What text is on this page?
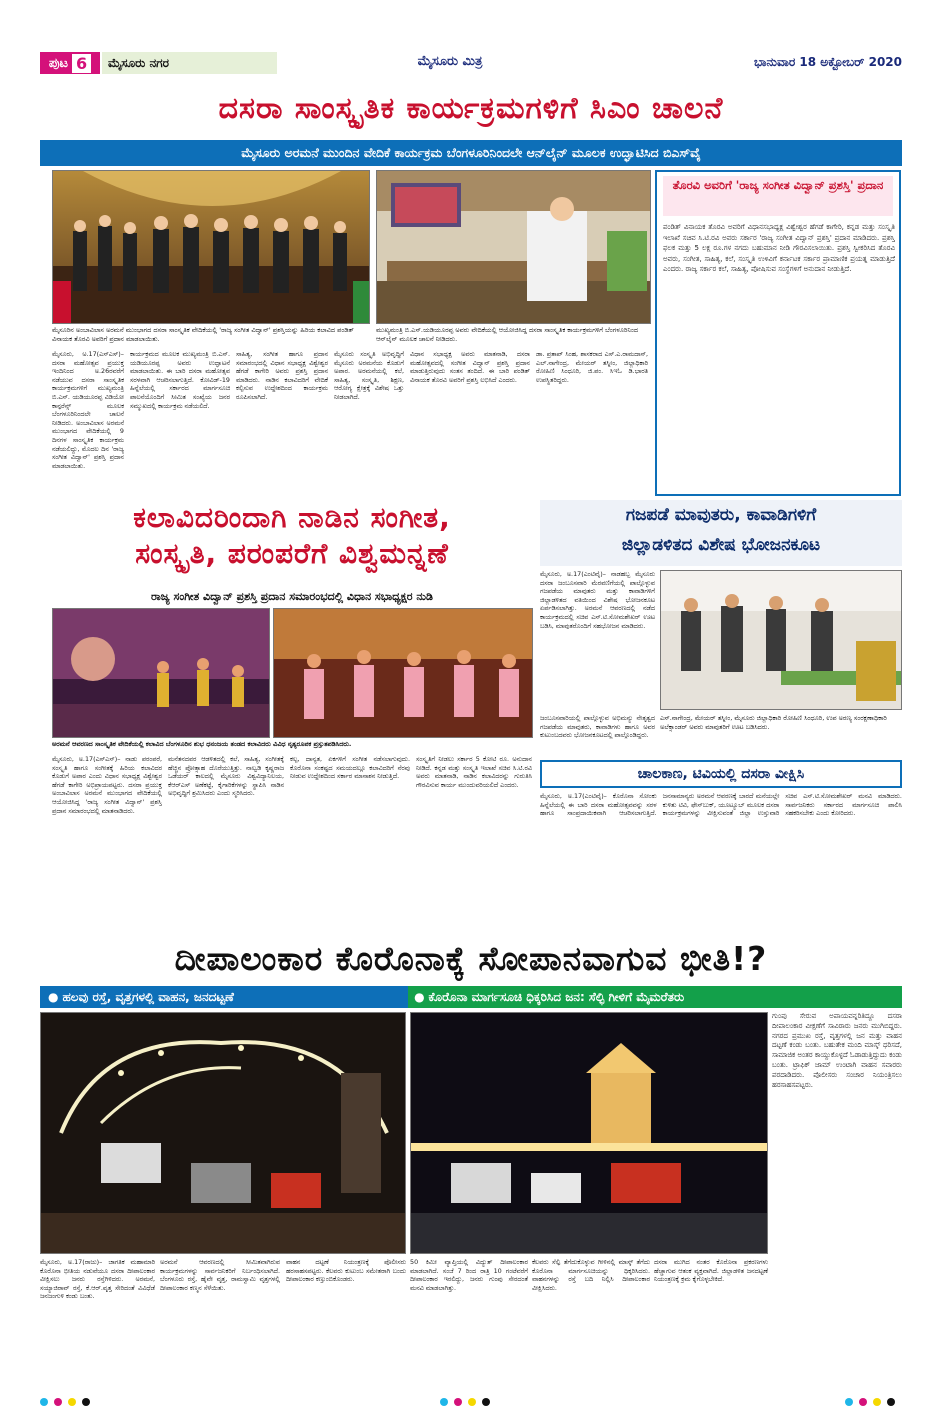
ಪುಟ 6	ಮೈಸೂರು ನಗರ	ಮೈಸೂರು ಮಿತ್ರ	ಭಾನುವಾರ 18 ಅಕ್ಟೋಬರ್ 2020
ದಸರಾ ಸಾಂಸ್ಕೃತಿಕ ಕಾರ್ಯಕ್ರಮಗಳಿಗೆ ಸಿಎಂ ಚಾಲನೆ
ಮೈಸೂರು ಅರಮನೆ ಮುಂದಿನ ವೇದಿಕೆ ಕಾರ್ಯಕ್ರಮ ಬೆಂಗಳೂರಿನಿಂದಲೇ ಆನ್‌ಲೈನ್ ಮೂಲಕ ಉದ್ಘಾಟಿಸಿದ ಬಿಎಸ್‌ವೈ
ಮೈಸೂರಿನ ಅಂಬಾವಿಲಾಸ ಅರಮನೆ ಮುಂಭಾಗದ ದಸರಾ ಸಾಂಸ್ಕೃತಿಕ ವೇದಿಕೆಯಲ್ಲಿ 'ರಾಜ್ಯ ಸಂಗೀತ ವಿದ್ವಾನ್' ಪ್ರಶಸ್ತಿಯನ್ನು ಹಿರಿಯ ಕಲಾವಿದ ಪಂಡಿತ್ ವಿನಾಯಕ ತೊರವಿ ಅವರಿಗೆ ಪ್ರದಾನ ಮಾಡಲಾಯಿತು.
ಮುಖ್ಯಮಂತ್ರಿ ಬಿ.ಎಸ್.ಯಡಿಯೂರಪ್ಪ ಅವರು ವೇದಿಕೆಯಲ್ಲಿ ಆಯೋಜಿಸಿದ್ದ ದಸರಾ ಸಾಂಸ್ಕೃತಿಕ ಕಾರ್ಯಕ್ರಮಗಳಿಗೆ ಬೆಂಗಳೂರಿನಿಂದ ಆನ್‌ಲೈನ್ ಮೂಲಕ ಚಾಲನೆ ನೀಡಿದರು.
ತೊರವಿ ಅವರಿಗೆ 'ರಾಜ್ಯ ಸಂಗೀತ ವಿದ್ವಾನ್ ಪ್ರಶಸ್ತಿ' ಪ್ರದಾನ
ಪಂಡಿತ್ ವಿನಾಯಕ ತೊರವಿ ಅವರಿಗೆ ವಿಧಾನಸಭಾಧ್ಯಕ್ಷ ವಿಶ್ವೇಶ್ವರ ಹೆಗಡೆ ಕಾಗೇರಿ, ಕನ್ನಡ ಮತ್ತು ಸಂಸ್ಕೃತಿ ಇಲಾಖೆ ಸಚಿವ ಸಿ.ಟಿ.ರವಿ ಅವರು ಸರ್ಕಾರ 'ರಾಜ್ಯ ಸಂಗೀತ ವಿದ್ವಾನ್ ಪ್ರಶಸ್ತಿ' ಪ್ರದಾನ ಮಾಡಿದರು. ಪ್ರಶಸ್ತಿ ಫಲಕ ಮತ್ತು 5 ಲಕ್ಷ ರೂ.ಗಳ ನಗದು ಬಹುಮಾನ ನೀಡಿ ಗೌರವಿಸಲಾಯಿತು. ಪ್ರಶಸ್ತಿ ಸ್ವೀಕರಿಸಿದ ತೊರವಿ ಅವರು, ಸಂಗೀತ, ಸಾಹಿತ್ಯ, ಕಲೆ, ಸಂಸ್ಕೃತಿ ಉಳಿವಿಗೆ ಕರ್ನಾಟಕ ಸರ್ಕಾರ ಪ್ರಾಮಾಣಿಕ ಪ್ರಯತ್ನ ಮಾಡುತ್ತಿದೆ ಎಂದರು. ರಾಜ್ಯ ಸರ್ಕಾರ ಕಲೆ, ಸಾಹಿತ್ಯ, ಪೋಷಿಸುವ ಸಂಸ್ಥೆಗಳಿಗೆ ಅನುದಾನ ನೀಡುತ್ತಿದೆ.
ಮೈಸೂರು, ಅ.17(ಎಸ್‌ಎಸ್)– ದಸರಾ ಮಹೋತ್ಸವ ಪ್ರಯುಕ್ತ ಇಂದಿನಿಂದ ಅ.26ರವರೆಗೆ ನಡೆಯುವ ದಸರಾ ಸಾಂಸ್ಕೃತಿಕ ಕಾರ್ಯಕ್ರಮಗಳಿಗೆ ಮುಖ್ಯಮಂತ್ರಿ ಬಿ.ಎಸ್. ಯಡಿಯೂರಪ್ಪ ವಿಡಿಯೋ ಕಾನ್ಫರೆನ್ಸ್ ಮೂಲಕ ಬೆಂಗಳೂರಿನಿಂದಲೇ ಚಾಲನೆ ನೀಡಿದರು. ಅಂಬಾವಿಲಾಸ ಅರಮನೆ ಮುಂಭಾಗದ ವೇದಿಕೆಯಲ್ಲಿ 9 ದಿನಗಳ ಸಾಂಸ್ಕೃತಿಕ ಕಾರ್ಯಕ್ರಮ ನಡೆಯಲಿದ್ದು, ಮೊದಲ ದಿನ 'ರಾಜ್ಯ ಸಂಗೀತ ವಿದ್ವಾನ್' ಪ್ರಶಸ್ತಿ ಪ್ರದಾನ ಮಾಡಲಾಯಿತು.
ಕಾರ್ಯಕ್ರಮದ ಮೂಲಕ ಮುಖ್ಯಮಂತ್ರಿ ಬಿ.ಎಸ್. ಯಡಿಯೂರಪ್ಪ ಅವರು ಉದ್ಘಾಟನೆ ಮಾಡಲಾಯಿತು. ಈ ಬಾರಿ ದಸರಾ ಮಹೋತ್ಸವ ಸರಳವಾಗಿ ಆಚರಿಸಲಾಗುತ್ತಿದೆ. ಕೋವಿಡ್-19 ಹಿನ್ನೆಲೆಯಲ್ಲಿ ಸರ್ಕಾರದ ಮಾರ್ಗಸೂಚಿ ಪಾಲನೆಯೊಂದಿಗೆ ಸೀಮಿತ ಸಂಖ್ಯೆಯ ಜನರ ಸಮ್ಮುಖದಲ್ಲಿ ಕಾರ್ಯಕ್ರಮ ನಡೆಯಲಿದೆ.
ಸಾಹಿತ್ಯ, ಸಂಗೀತ ಹಾಗೂ ಪ್ರದಾನ ಸಮಾರಂಭದಲ್ಲಿ ವಿಧಾನ ಸಭಾಧ್ಯಕ್ಷ ವಿಶ್ವೇಶ್ವರ ಹೆಗಡೆ ಕಾಗೇರಿ ಅವರು ಪ್ರಶಸ್ತಿ ಪ್ರದಾನ ಮಾಡಿದರು. ನಾಡಿನ ಕಲಾವಿದರಿಗೆ ವೇದಿಕೆ ಕಲ್ಪಿಸುವ ಉದ್ದೇಶದಿಂದ ಕಾರ್ಯಕ್ರಮ ರೂಪಿಸಲಾಗಿದೆ.
ಮೈಸೂರು ಸಂಸ್ಕೃತಿ ಅಭಿವೃದ್ಧಿಗೆ ಮೈಸೂರು ಅರಮನೆಯ ಕೊಡುಗೆ ಅಪಾರ. ಅರಮನೆಯಲ್ಲಿ ಕಲೆ, ಸಾಹಿತ್ಯ, ಸಂಸ್ಕೃತಿ, ಶಿಕ್ಷಣ, ಆರೋಗ್ಯ ಕ್ಷೇತ್ರಕ್ಕೆ ವಿಶೇಷ ಒತ್ತು ನೀಡಲಾಗಿದೆ.
ವಿಧಾನ ಸಭಾಧ್ಯಕ್ಷ ಅವರು ಮಾತನಾಡಿ, ದಸರಾ ಮಹೋತ್ಸವದಲ್ಲಿ ಸಂಗೀತ ವಿದ್ವಾನ್ ಪ್ರಶಸ್ತಿ ಪ್ರದಾನ ಮಾಡುತ್ತಿರುವುದು ಸಂತಸ ತಂದಿದೆ. ಈ ಬಾರಿ ಪಂಡಿತ್ ವಿನಾಯಕ ತೊರವಿ ಅವರಿಗೆ ಪ್ರಶಸ್ತಿ ಲಭಿಸಿದೆ ಎಂದರು.
ಡಾ. ಪ್ರತಾಪ್ ಸಿಂಹ, ಶಾಸಕರಾದ ಎಸ್.ಎ.ರಾಮದಾಸ್, ಎಲ್.ನಾಗೇಂದ್ರ, ಮೇಯರ್ ತಸ್ನೀಂ, ಜಿಲ್ಲಾಧಿಕಾರಿ ರೋಹಿಣಿ ಸಿಂಧೂರಿ, ಜಿ.ಪಂ. ಸಿಇಓ ಡಿ.ಭಾರತಿ ಉಪಸ್ಥಿತರಿದ್ದರು.
ಕಲಾವಿದರಿಂದಾಗಿ ನಾಡಿನ ಸಂಗೀತ,
ಸಂಸ್ಕೃತಿ, ಪರಂಪರೆಗೆ ವಿಶ್ವಮನ್ನಣೆ
ರಾಜ್ಯ ಸಂಗೀತ ವಿದ್ವಾನ್ ಪ್ರಶಸ್ತಿ ಪ್ರದಾನ ಸಮಾರಂಭದಲ್ಲಿ ವಿಧಾನ ಸಭಾಧ್ಯಕ್ಷರ ನುಡಿ
ಅರಮನೆ ಆವರಣದ ಸಾಂಸ್ಕೃತಿಕ ವೇದಿಕೆಯಲ್ಲಿ ಕಲಾವಿದ ಬೆಂಗಳೂರಿನ ಶುಭ ಧನಂಜಯ ತಂಡದ ಕಲಾವಿದರು ವಿವಿಧ ನೃತ್ಯರೂಪಕ ಪ್ರಸ್ತುತಪಡಿಸಿದರು.
ಮೈಸೂರು, ಅ.17(ಎಸ್‌ಎಸ್)– ನಾಡು ಪರಂಪರೆ, ಸಂಸ್ಕೃತಿ ಹಾಗೂ ಸಂಗೀತಕ್ಕೆ ಹಿರಿಯ ಕಲಾವಿದರ ಕೊಡುಗೆ ಅಪಾರ ಎಂದು ವಿಧಾನ ಸಭಾಧ್ಯಕ್ಷ ವಿಶ್ವೇಶ್ವರ ಹೆಗಡೆ ಕಾಗೇರಿ ಅಭಿಪ್ರಾಯಪಟ್ಟರು. ದಸರಾ ಪ್ರಯುಕ್ತ ಅಂಬಾವಿಲಾಸ ಅರಮನೆ ಮುಂಭಾಗದ ವೇದಿಕೆಯಲ್ಲಿ ಆಯೋಜಿಸಿದ್ದ 'ರಾಜ್ಯ ಸಂಗೀತ ವಿದ್ವಾನ್' ಪ್ರಶಸ್ತಿ ಪ್ರದಾನ ಸಮಾರಂಭದಲ್ಲಿ ಮಾತನಾಡಿದರು.
ಮನೆತನದವರ ಆಡಳಿತದಲ್ಲಿ ಕಲೆ, ಸಾಹಿತ್ಯ, ಸಂಗೀತಕ್ಕೆ ಹೆಚ್ಚಿನ ಪ್ರೋತ್ಸಾಹ ದೊರೆಯುತ್ತಿತ್ತು. ನಾಲ್ವಡಿ ಕೃಷ್ಣರಾಜ ಒಡೆಯರ್ ಕಾಲದಲ್ಲಿ ಮೈಸೂರು ವಿಶ್ವವಿದ್ಯಾನಿಲಯ, ಕೆಆರ್‌ಎಸ್ ಅಣೆಕಟ್ಟೆ, ಕೈಗಾರಿಕೆಗಳನ್ನು ಸ್ಥಾಪಿಸಿ ನಾಡಿನ ಅಭಿವೃದ್ಧಿಗೆ ಶ್ರಮಿಸಿದರು ಎಂದು ಸ್ಮರಿಸಿದರು.
ಕಲ್ಪ, ದಾನ್ಯತ, ಏಕಗಳಿಗೆ ಸಂಗೀತ ನಡೆಸಲಾಗುವುದು. ಕೊರೊನಾ ಸಂಕಷ್ಟದ ಸಮಯದಲ್ಲೂ ಕಲಾವಿದರಿಗೆ ನೆರವು ನೀಡುವ ಉದ್ದೇಶದಿಂದ ಸರ್ಕಾರ ಮಾಸಾಶನ ನೀಡುತ್ತಿದೆ.
ಸಂಸ್ಕೃತಿಗೆ ನೀಡಲು ಸರ್ಕಾರ 5 ಕೋಟಿ ರೂ. ಅನುದಾನ ನೀಡಿದೆ. ಕನ್ನಡ ಮತ್ತು ಸಂಸ್ಕೃತಿ ಇಲಾಖೆ ಸಚಿವ ಸಿ.ಟಿ.ರವಿ ಅವರು ಮಾತನಾಡಿ, ನಾಡಿನ ಕಲಾವಿದರನ್ನು ಗುರುತಿಸಿ ಗೌರವಿಸುವ ಕಾರ್ಯ ಮುಂದುವರಿಯಲಿದೆ ಎಂದರು.
ಗಜಪಡೆ ಮಾವುತರು, ಕಾವಾಡಿಗಳಿಗೆ
ಜಿಲ್ಲಾಡಳಿತದ ವಿಶೇಷ ಭೋಜನಕೂಟ
ಮೈಸೂರು, ಅ.17(ಎಂಟಿವೈ)– ನಾಡಹಬ್ಬ ಮೈಸೂರು ದಸರಾ ಜಂಬೂಸವಾರಿ ಮೆರವಣಿಗೆಯಲ್ಲಿ ಪಾಲ್ಗೊಳ್ಳುವ ಗಜಪಡೆಯ ಮಾವುತರು ಮತ್ತು ಕಾವಾಡಿಗಳಿಗೆ ಜಿಲ್ಲಾಡಳಿತದ ವತಿಯಿಂದ ವಿಶೇಷ ಭೋಜನಕೂಟ ಏರ್ಪಡಿಸಲಾಗಿತ್ತು. ಅರಮನೆ ಆವರಣದಲ್ಲಿ ನಡೆದ ಕಾರ್ಯಕ್ರಮದಲ್ಲಿ ಸಚಿವ ಎಸ್.ಟಿ.ಸೋಮಶೇಖರ್ ಊಟ ಬಡಿಸಿ, ಮಾವುತರೊಂದಿಗೆ ಸಹಭೋಜನ ಮಾಡಿದರು.
ಜಂಬೂಸವಾರಿಯಲ್ಲಿ ಪಾಲ್ಗೊಳ್ಳುವ ಅಭಿಮನ್ಯು ನೇತೃತ್ವದ ಗಜಪಡೆಯ ಮಾವುತರು, ಕಾವಾಡಿಗಳು ಹಾಗೂ ಅವರ ಕುಟುಂಬದವರು ಭೋಜನಕೂಟದಲ್ಲಿ ಪಾಲ್ಗೊಂಡಿದ್ದರು.
ಎಸ್.ನಾಗೇಂದ್ರ, ಮೇಯರ್ ತಸ್ನೀಂ, ಮೈಸೂರು ಜಿಲ್ಲಾಧಿಕಾರಿ ರೋಹಿಣಿ ಸಿಂಧೂರಿ, ಉಪ ಅರಣ್ಯ ಸಂರಕ್ಷಣಾಧಿಕಾರಿ ಅಲೆಕ್ಸಾಂಡರ್ ಅವರು ಮಾವುತರಿಗೆ ಊಟ ಬಡಿಸಿದರು.
ಚಾಲಕಾಣ, ಟಿವಿಯಲ್ಲಿ ದಸರಾ ವೀಕ್ಷಿಸಿ
ಮೈಸೂರು, ಅ.17(ಎಂಟಿವೈ)– ಕೊರೊನಾ ಸೋಂಕು ಹಿನ್ನೆಲೆಯಲ್ಲಿ ಈ ಬಾರಿ ದಸರಾ ಮಹೋತ್ಸವವನ್ನು ಸರಳ ಹಾಗೂ ಸಾಂಪ್ರದಾಯಿಕವಾಗಿ ಆಚರಿಸಲಾಗುತ್ತಿದೆ. ಜನಸಾಮಾನ್ಯರು ಅರಮನೆ ಆವರಣಕ್ಕೆ ಬಾರದೆ ಮನೆಯಲ್ಲೇ ಕುಳಿತು ಟಿವಿ, ಫೇಸ್‌ಬುಕ್, ಯೂಟ್ಯೂಬ್ ಮೂಲಕ ದಸರಾ ಕಾರ್ಯಕ್ರಮಗಳನ್ನು ವೀಕ್ಷಿಸುವಂತೆ ಜಿಲ್ಲಾ ಉಸ್ತುವಾರಿ ಸಚಿವ ಎಸ್.ಟಿ.ಸೋಮಶೇಖರ್ ಮನವಿ ಮಾಡಿದರು. ಸಾರ್ವಜನಿಕರು ಸರ್ಕಾರದ ಮಾರ್ಗಸೂಚಿ ಪಾಲಿಸಿ ಸಹಕರಿಸಬೇಕು ಎಂದು ಕೋರಿದರು.
ದೀಪಾಲಂಕಾರ ಕೊರೊನಾಕ್ಕೆ ಸೋಪಾನವಾಗುವ ಭೀತಿ!?
● ಹಲವು ರಸ್ತೆ, ವೃತ್ತಗಳಲ್ಲಿ ವಾಹನ, ಜನದಟ್ಟಣೆ	● ಕೊರೊನಾ ಮಾರ್ಗಸೂಚಿ ಧಿಕ್ಕರಿಸಿದ ಜನ: ಸೆಲ್ಫಿ ಗೀಳಿಗೆ ಮೈಮರೆತರು
ಗುಂಪು ಸೇರುವ ಅಪಾಯವನ್ನರಿತಿದ್ದೂ ದಸರಾ ದೀಪಾಲಂಕಾರ ವೀಕ್ಷಣೆಗೆ ಸಾವಿರಾರು ಜನರು ಮುಗಿಬಿದ್ದರು. ನಗರದ ಪ್ರಮುಖ ರಸ್ತೆ, ವೃತ್ತಗಳಲ್ಲಿ ಜನ ಮತ್ತು ವಾಹನ ದಟ್ಟಣೆ ಕಂಡು ಬಂತು. ಬಹುತೇಕ ಮಂದಿ ಮಾಸ್ಕ್ ಧರಿಸದೆ, ಸಾಮಾಜಿಕ ಅಂತರ ಕಾಯ್ದುಕೊಳ್ಳದೆ ಓಡಾಡುತ್ತಿದ್ದುದು ಕಂಡು ಬಂತು. ಟ್ರಾಫಿಕ್ ಜಾಮ್ ಉಂಟಾಗಿ ವಾಹನ ಸವಾರರು ಪರದಾಡಿದರು. ಪೊಲೀಸರು ಸಂಚಾರ ನಿಯಂತ್ರಿಸಲು ಹರಸಾಹಸಪಟ್ಟರು.
ಮೈಸೂರು, ಅ.17(ರಾಜು)– ಜಾಗತಿಕ ಮಹಾಮಾರಿ ಕೊರೊನಾ ಭೀತಿಯ ನಡುವೆಯೂ ದಸರಾ ದೀಪಾಲಂಕಾರ ವೀಕ್ಷಿಸಲು ಜನರು ರಸ್ತೆಗಿಳಿದರು. ಅರಮನೆ, ಸಯ್ಯಾಜಿರಾವ್ ರಸ್ತೆ, ಕೆ.ಆರ್.ವೃತ್ತ ಸೇರಿದಂತೆ ವಿವಿಧೆಡೆ ಜನಜಂಗುಳಿ ಕಂಡು ಬಂತು.
ಅರಮನೆ ಆವರಣದಲ್ಲಿ ಸೀಮಿತವಾಗಿರುವ ಕಾರ್ಯಕ್ರಮಗಳನ್ನು ಸಾರ್ವಜನಿಕರಿಗೆ ನಿರ್ಬಂಧಿಸಲಾಗಿದೆ. ಬೆಂಗಳೂರು ರಸ್ತೆ, ಹೈವೇ ವೃತ್ತ, ರಾಮಸ್ವಾಮಿ ವೃತ್ತಗಳಲ್ಲಿ ದೀಪಾಲಂಕಾರ ಕಣ್ಮನ ಸೆಳೆಯಿತು.
ವಾಹನ ದಟ್ಟಣೆ ನಿಯಂತ್ರಣಕ್ಕೆ ಪೊಲೀಸರು ಹರಸಾಹಸಪಟ್ಟರು. ಕೆಲವರು ಕುಟುಂಬ ಸಮೇತರಾಗಿ ಬಂದು ದೀಪಾಲಂಕಾರ ಕಣ್ತುಂಬಿಕೊಂಡರು.
50 ಕಿಮೀ ವ್ಯಾಪ್ತಿಯಲ್ಲಿ ವಿದ್ಯುತ್ ದೀಪಾಲಂಕಾರ ಮಾಡಲಾಗಿದೆ. ಸಂಜೆ 7 ರಿಂದ ರಾತ್ರಿ 10 ಗಂಟೆವರೆಗೆ ದೀಪಾಲಂಕಾರ ಇರಲಿದ್ದು, ಜನರು ಗುಂಪು ಸೇರದಂತೆ ಮನವಿ ಮಾಡಲಾಗಿತ್ತು.
ಕೆಲವರು ಸೆಲ್ಫಿ ತೆಗೆದುಕೊಳ್ಳುವ ಗೀಳಿನಲ್ಲಿ ಮಾಸ್ಕ್ ತೆಗೆದು ಕೊರೊನಾ ಮಾರ್ಗಸೂಚಿಯನ್ನು ಧಿಕ್ಕರಿಸಿದರು. ವಾಹನಗಳನ್ನು ರಸ್ತೆ ಬದಿ ನಿಲ್ಲಿಸಿ ದೀಪಾಲಂಕಾರ ವೀಕ್ಷಿಸಿದರು.
ದಸರಾ ಮುಗಿದ ನಂತರ ಕೊರೊನಾ ಪ್ರಕರಣಗಳು ಹೆಚ್ಚಾಗುವ ಆತಂಕ ವ್ಯಕ್ತವಾಗಿದೆ. ಜಿಲ್ಲಾಡಳಿತ ಜನದಟ್ಟಣೆ ನಿಯಂತ್ರಣಕ್ಕೆ ಕ್ರಮ ಕೈಗೊಳ್ಳಬೇಕಿದೆ.
